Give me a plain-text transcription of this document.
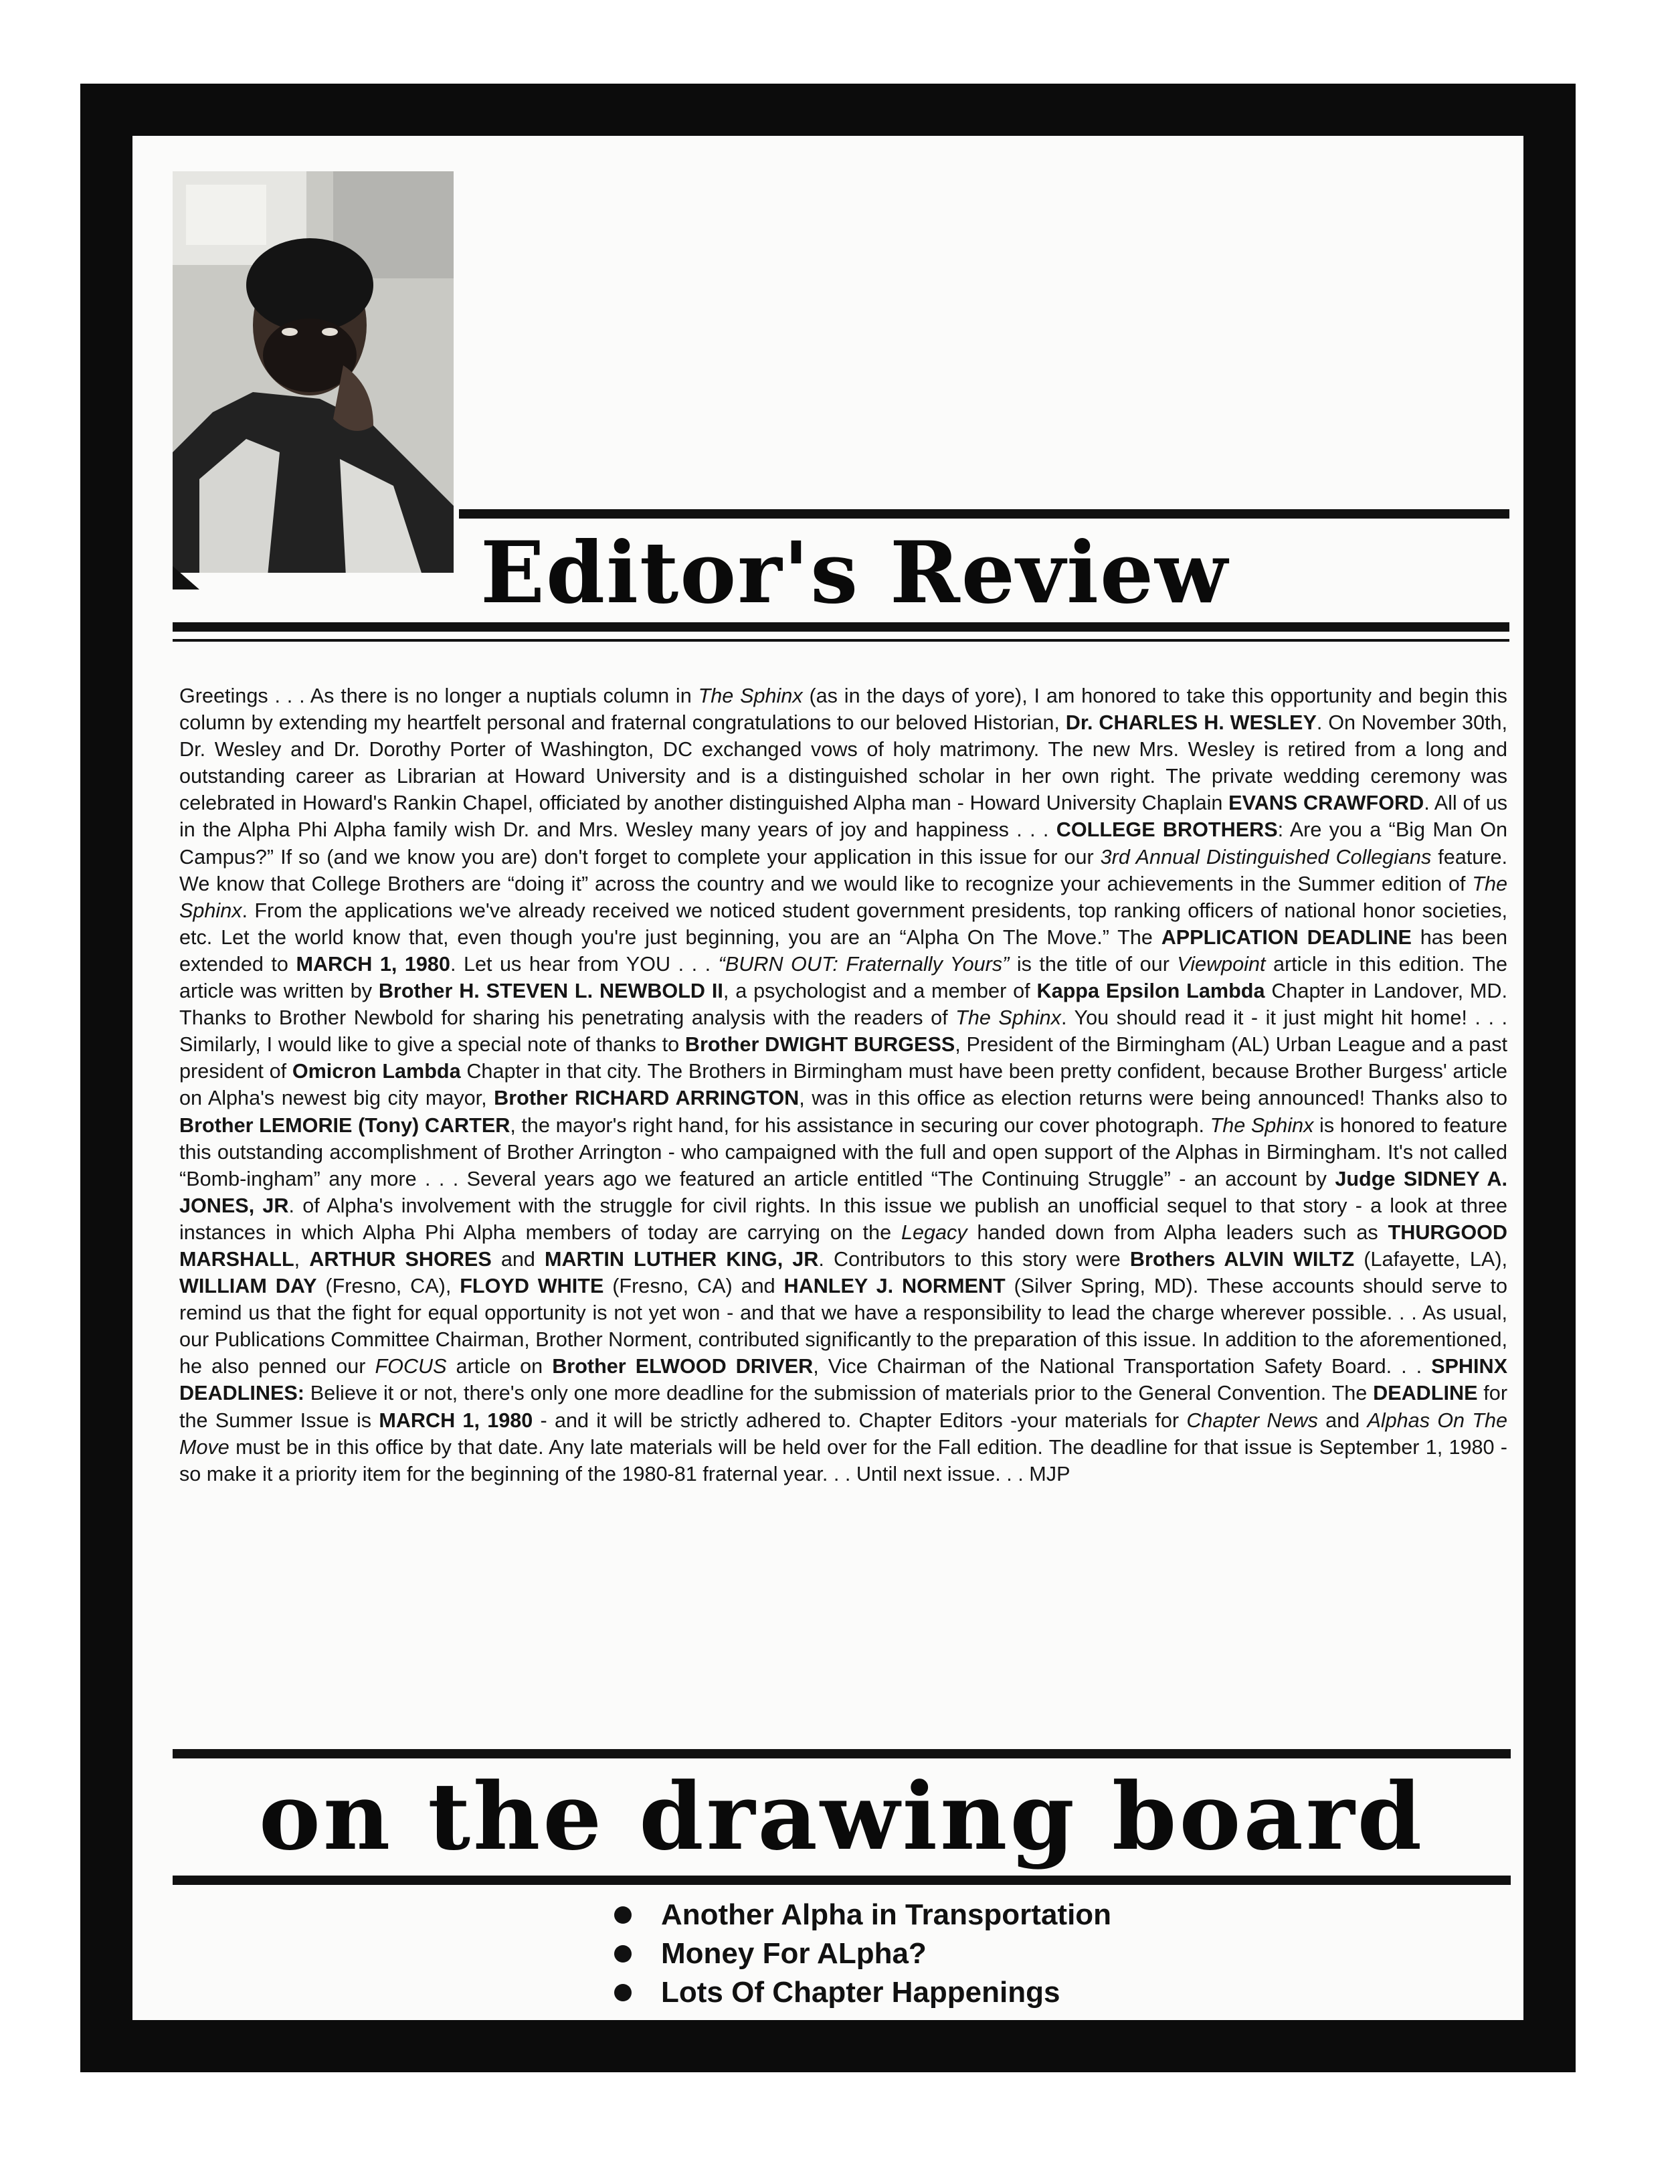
Editor's Review
Greetings . . . As there is no longer a nuptials column in The Sphinx (as in the days of yore), I am honored to take this opportunity and begin this column by extending my heartfelt personal and fraternal congratulations to our beloved Historian, Dr. CHARLES H. WESLEY. On November 30th, Dr. Wesley and Dr. Dorothy Porter of Washington, DC exchanged vows of holy matrimony. The new Mrs. Wesley is retired from a long and outstanding career as Librarian at Howard University and is a distinguished scholar in her own right. The private wedding ceremony was celebrated in Howard's Rankin Chapel, officiated by another distinguished Alpha man - Howard University Chaplain EVANS CRAWFORD. All of us in the Alpha Phi Alpha family wish Dr. and Mrs. Wesley many years of joy and happiness . . . COLLEGE BROTHERS: Are you a “Big Man On Campus?” If so (and we know you are) don't forget to complete your application in this issue for our 3rd Annual Distinguished Collegians feature. We know that College Brothers are “doing it” across the country and we would like to recognize your achievements in the Summer edition of The Sphinx. From the applications we've already received we noticed student government presidents, top ranking officers of national honor societies, etc. Let the world know that, even though you're just beginning, you are an “Alpha On The Move.” The APPLICATION DEADLINE has been extended to MARCH 1, 1980. Let us hear from YOU . . . “BURN OUT: Fraternally Yours” is the title of our Viewpoint article in this edition. The article was written by Brother H. STEVEN L. NEWBOLD II, a psychologist and a member of Kappa Epsilon Lambda Chapter in Landover, MD. Thanks to Brother Newbold for sharing his penetrating analysis with the readers of The Sphinx. You should read it - it just might hit home! . . . Similarly, I would like to give a special note of thanks to Brother DWIGHT BURGESS, President of the Birmingham (AL) Urban League and a past president of Omicron Lambda Chapter in that city. The Brothers in Birmingham must have been pretty confident, because Brother Burgess' article on Alpha's newest big city mayor, Brother RICHARD ARRINGTON, was in this office as election returns were being announced! Thanks also to Brother LEMORIE (Tony) CARTER, the mayor's right hand, for his assistance in securing our cover photograph. The Sphinx is honored to feature this outstanding accomplishment of Brother Arrington - who campaigned with the full and open support of the Alphas in Birmingham. It's not called “Bomb-ingham” any more . . . Several years ago we featured an article entitled “The Continuing Struggle” - an account by Judge SIDNEY A. JONES, JR. of Alpha's involvement with the struggle for civil rights. In this issue we publish an unofficial sequel to that story - a look at three instances in which Alpha Phi Alpha members of today are carrying on the Legacy handed down from Alpha leaders such as THURGOOD MARSHALL, ARTHUR SHORES and MARTIN LUTHER KING, JR. Contributors to this story were Brothers ALVIN WILTZ (Lafayette, LA), WILLIAM DAY (Fresno, CA), FLOYD WHITE (Fresno, CA) and HANLEY J. NORMENT (Silver Spring, MD). These accounts should serve to remind us that the fight for equal opportunity is not yet won - and that we have a responsibility to lead the charge wherever possible. . . As usual, our Publications Committee Chairman, Brother Norment, contributed significantly to the preparation of this issue. In addition to the aforementioned, he also penned our FOCUS article on Brother ELWOOD DRIVER, Vice Chairman of the National Transportation Safety Board. . . SPHINX DEADLINES: Believe it or not, there's only one more deadline for the submission of materials prior to the General Convention. The DEADLINE for the Summer Issue is MARCH 1, 1980 - and it will be strictly adhered to. Chapter Editors -your materials for Chapter News and Alphas On The Move must be in this office by that date. Any late materials will be held over for the Fall edition. The deadline for that issue is September 1, 1980 - so make it a priority item for the beginning of the 1980-81 fraternal year. . . Until next issue. . . MJP
on the drawing board
Another Alpha in Transportation
Money For ALpha?
Lots Of Chapter Happenings
